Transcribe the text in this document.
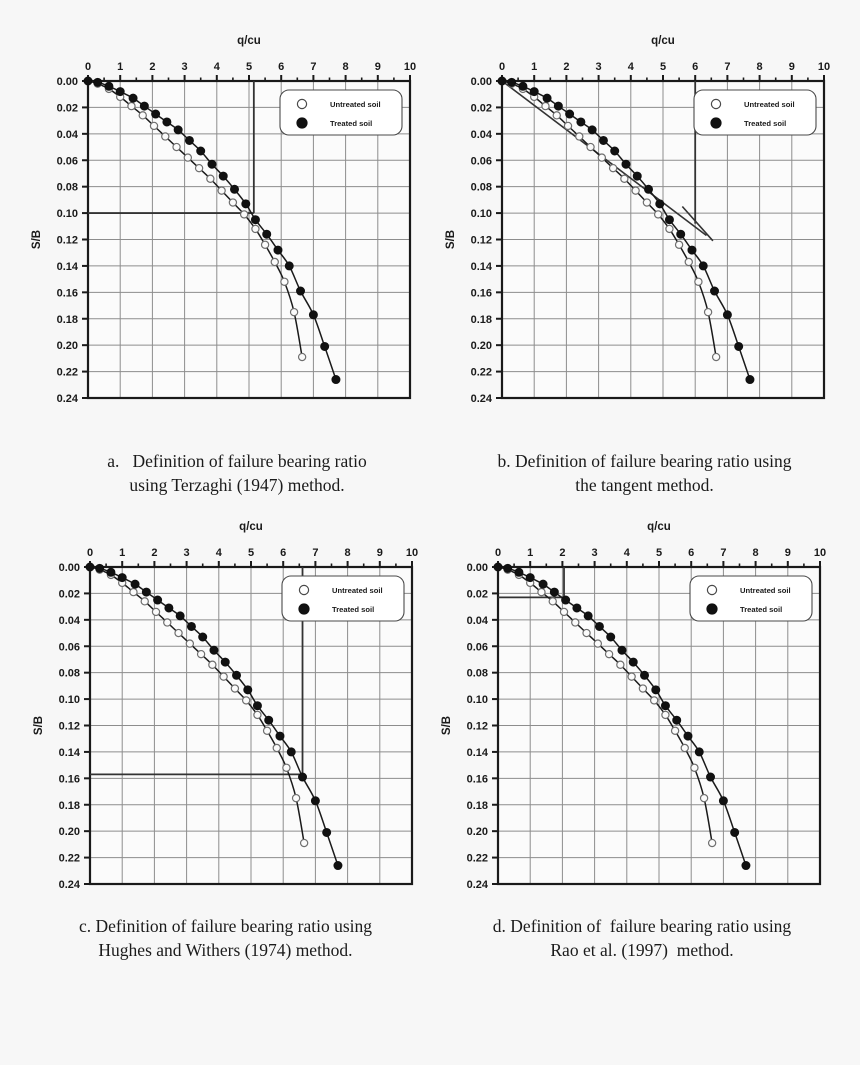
q/cu
0 1 2 3 4 5 6 7 8 9 10
0.00
0.02
0.04
0.06
0.08
0.10
0.12
0.14
0.16
0.18
0.20
0.22
0.24
S/B
Untreated soil
Treated soil
a.   Definition of failure bearing ratio
using Terzaghi (1947) method.
q/cu
0 1 2 3 4 5 6 7 8 9 10
0.00
0.02
0.04
0.06
0.08
0.10
0.12
0.14
0.16
0.18
0.20
0.22
0.24
S/B
Untreated soil
Treated soil
b. Definition of failure bearing ratio using
the tangent method.
q/cu
0 1 2 3 4 5 6 7 8 9 10
0.00
0.02
0.04
0.06
0.08
0.10
0.12
0.14
0.16
0.18
0.20
0.22
0.24
S/B
Untreated soil
Treated soil
c. Definition of failure bearing ratio using
Hughes and Withers (1974) method.
q/cu
0 1 2 3 4 5 6 7 8 9 10
0.00
0.02
0.04
0.06
0.08
0.10
0.12
0.14
0.16
0.18
0.20
0.22
0.24
S/B
Untreated soil
Treated soil
d. Definition of  failure bearing ratio using
Rao et al. (1997)  method.
